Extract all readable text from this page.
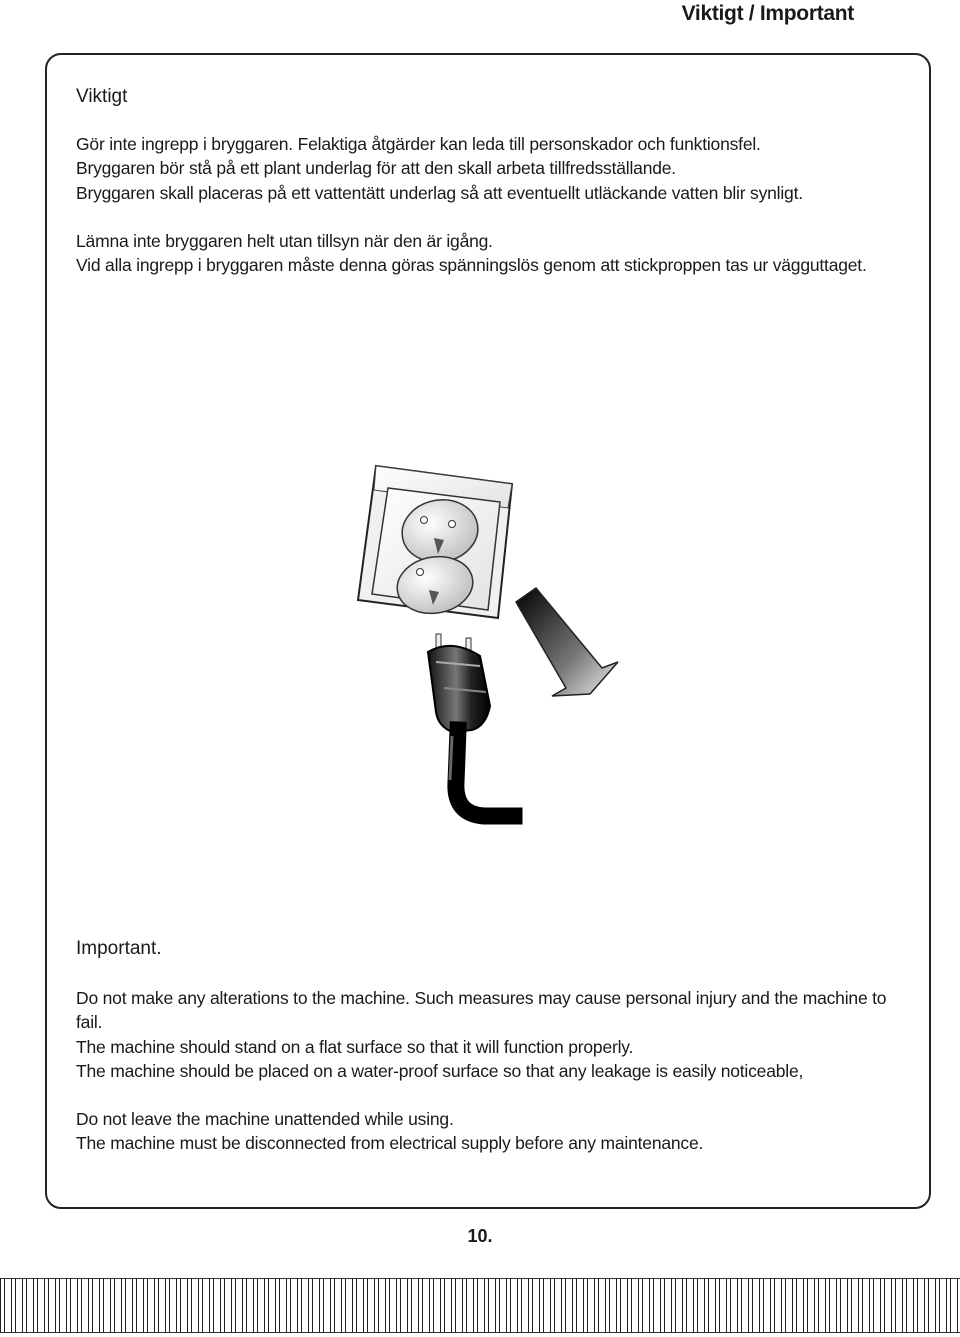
Viktigt / Important
Viktigt

Gör inte ingrepp i bryggaren. Felaktiga åtgärder kan leda till personskador och funktionsfel.

Bryggaren bör stå på ett plant underlag för att den skall arbeta tillfredsställande.

Bryggaren skall placeras på ett vattentätt underlag så att eventuellt utläckande vatten blir synligt.

Lämna inte bryggaren helt utan tillsyn när den är igång.

Vid alla ingrepp i bryggaren måste denna göras spänningslös genom att stickproppen tas ur vägguttaget.

Important.

Do not make any alterations to the machine. Such measures may cause personal injury and the machine to fail.

The machine should stand on a flat surface so that it will function properly.

The machine should be placed on a water-proof surface so that any leakage is easily noticeable,

Do not leave the machine unattended while using.

The machine must be disconnected from electrical supply before any maintenance.

10.
